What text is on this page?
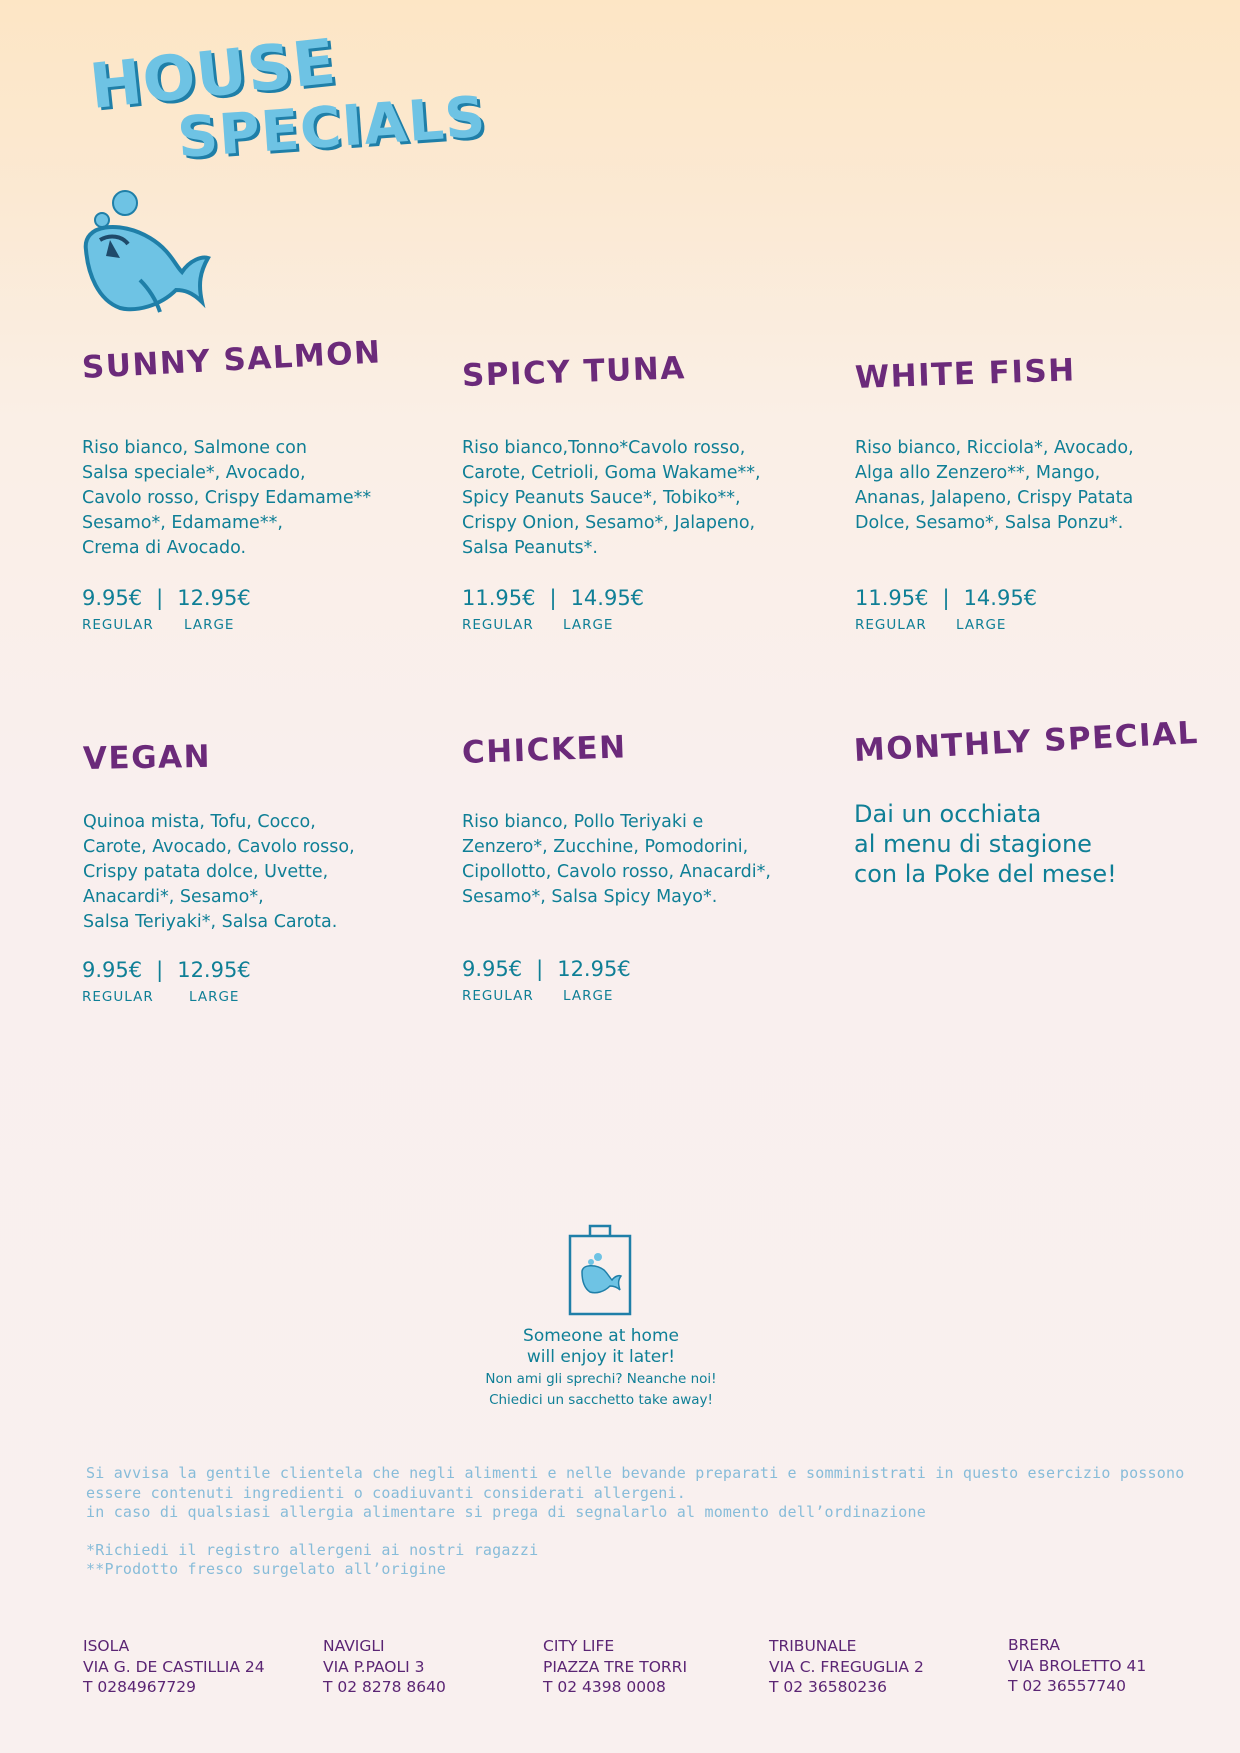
HOUSE
SPECIALS
SUNNY SALMON
Riso bianco, Salmone con
Salsa speciale*, Avocado,
Cavolo rosso, Crispy Edamame**
Sesamo*, Edamame**,
Crema di Avocado.
9.95€ | 12.95€
REGULAR LARGE
SPICY TUNA
Riso bianco,Tonno*Cavolo rosso,
Carote, Cetrioli, Goma Wakame**,
Spicy Peanuts Sauce*, Tobiko**,
Crispy Onion, Sesamo*, Jalapeno,
Salsa Peanuts*.
11.95€ | 14.95€
REGULAR LARGE
WHITE FISH
Riso bianco, Ricciola*, Avocado,
Alga allo Zenzero**, Mango,
Ananas, Jalapeno, Crispy Patata
Dolce, Sesamo*, Salsa Ponzu*.
11.95€ | 14.95€
REGULAR LARGE
VEGAN
Quinoa mista, Tofu, Cocco,
Carote, Avocado, Cavolo rosso,
Crispy patata dolce, Uvette,
Anacardi*, Sesamo*,
Salsa Teriyaki*, Salsa Carota.
9.95€ | 12.95€
REGULAR	LARGE
CHICKEN
Riso bianco, Pollo Teriyaki e
Zenzero*, Zucchine, Pomodorini,
Cipollotto, Cavolo rosso, Anacardi*,
Sesamo*, Salsa Spicy Mayo*.
9.95€ | 12.95€
REGULAR LARGE
MONTHLY SPECIAL
Dai un occhiata
al menu di stagione
con la Poke del mese!
Someone at home
will enjoy it later!
Non ami gli sprechi? Neanche noi!
Chiedici un sacchetto take away!
Si avvisa la gentile clientela che negli alimenti e nelle bevande preparati e somministrati in questo esercizio possono
essere contenuti ingredienti o coadiuvanti considerati allergeni.
in caso di qualsiasi allergia alimentare si prega di segnalarlo al momento dell’ordinazione
*Richiedi il registro allergeni ai nostri ragazzi
**Prodotto fresco surgelato all’origine
ISOLA
VIA G. DE CASTILLIA 24
T 0284967729
NAVIGLI
VIA P.PAOLI 3
T 02 8278 8640
CITY LIFE
PIAZZA TRE TORRI
T 02 4398 0008
TRIBUNALE
VIA C. FREGUGLIA 2
T 02 36580236
BRERA
VIA BROLETTO 41
T 02 36557740
